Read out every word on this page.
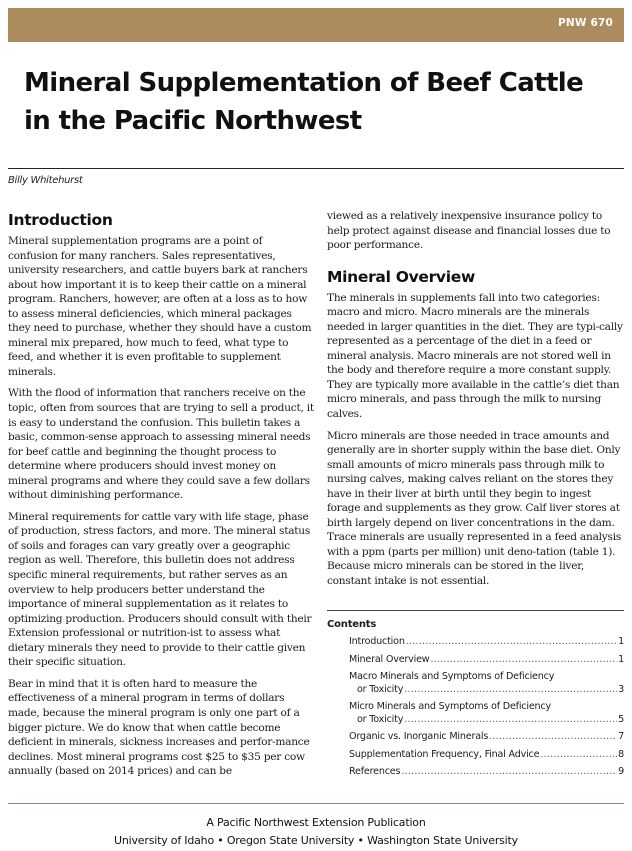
PNW 670
Mineral Supplementation of Beef Cattle
in the Pacific Northwest
Billy Whitehurst
Introduction

Mineral supplementation programs are a point of confusion for many ranchers. Sales representatives, university researchers, and cattle buyers bark at ranchers about how important it is to keep their cattle on a mineral program. Ranchers, however, are often at a loss as to how to assess mineral deficiencies, which mineral packages they need to purchase, whether they should have a custom mineral mix prepared, how much to feed, what type to feed, and whether it is even profitable to supplement minerals.

With the flood of information that ranchers receive on the topic, often from sources that are trying to sell a product, it is easy to understand the confusion. This bulletin takes a basic, common-sense approach to assessing mineral needs for beef cattle and beginning the thought process to determine where producers should invest money on mineral programs and where they could save a few dollars without diminishing performance.

Mineral requirements for cattle vary with life stage, phase of production, stress factors, and more. The mineral status of soils and forages can vary greatly over a geographic region as well. Therefore, this bulletin does not address specific mineral requirements, but rather serves as an overview to help producers better understand the importance of mineral supplementation as it relates to optimizing production. Producers should consult with their Extension professional or nutrition-ist to assess what dietary minerals they need to provide to their cattle given their specific situation.

Bear in mind that it is often hard to measure the effectiveness of a mineral program in terms of dollars made, because the mineral program is only one part of a bigger picture. We do know that when cattle become deficient in minerals, sickness increases and perfor-mance declines. Most mineral programs cost $25 to $35 per cow annually (based on 2014 prices) and can be

viewed as a relatively inexpensive insurance policy to help protect against disease and financial losses due to poor performance.

Mineral Overview

The minerals in supplements fall into two categories: macro and micro. Macro minerals are the minerals needed in larger quantities in the diet. They are typi-cally represented as a percentage of the diet in a feed or mineral analysis. Macro minerals are not stored well in the body and therefore require a more constant supply. They are typically more available in the cattle’s diet than micro minerals, and pass through the milk to nursing calves.

Micro minerals are those needed in trace amounts and generally are in shorter supply within the base diet. Only small amounts of micro minerals pass through milk to nursing calves, making calves reliant on the stores they have in their liver at birth until they begin to ingest forage and supplements as they grow. Calf liver stores at birth largely depend on liver concentrations in the dam. Trace minerals are usually represented in a feed analysis with a ppm (parts per million) unit deno-tation (table 1). Because micro minerals can be stored in the liver, constant intake is not essential.

Contents
Introduction .....	1
Mineral Overview .....	1
Macro Minerals and Symptoms of Deficiency
or Toxicity .....	3
Micro Minerals and Symptoms of Deficiency
or Toxicity .....	5
Organic vs. Inorganic Minerals .....	7
Supplementation Frequency, Final Advice .....	8
References .....	9
A Pacific Northwest Extension Publication
University of Idaho • Oregon State University • Washington State University
